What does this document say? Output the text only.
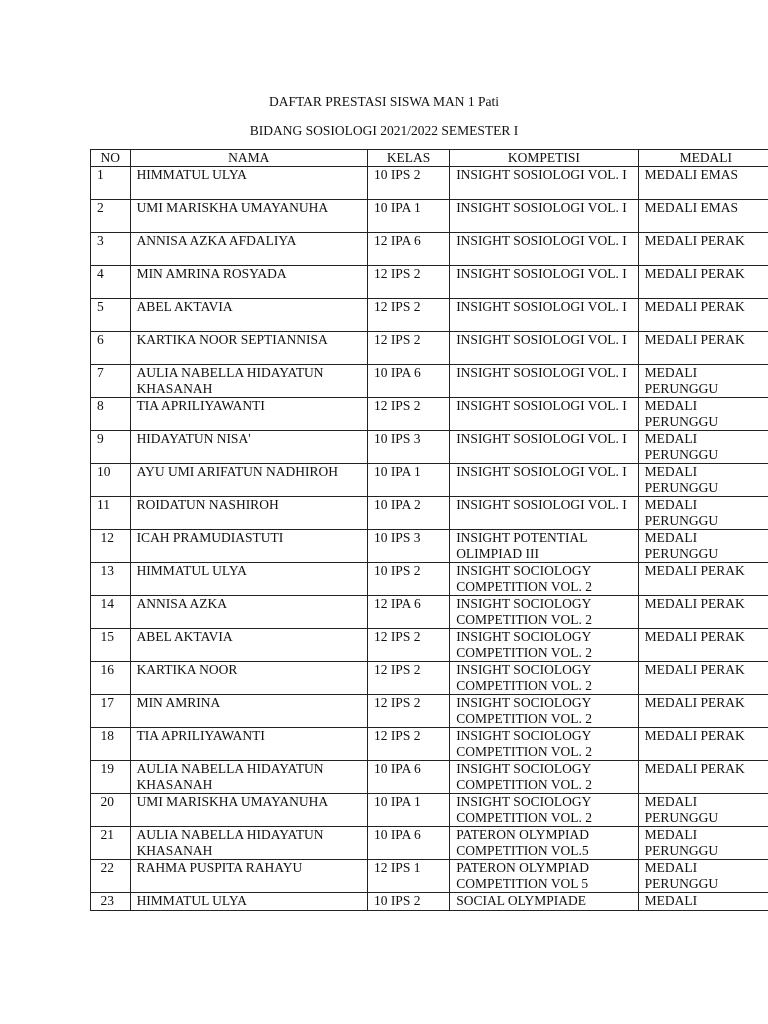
DAFTAR PRESTASI SISWA MAN 1 Pati
BIDANG SOSIOLOGI 2021/2022 SEMESTER I
NO	NAMA	KELAS	KOMPETISI	MEDALI
1	HIMMATUL ULYA	10 IPS 2	INSIGHT SOSIOLOGI VOL. I	MEDALI EMAS
2	UMI MARISKHA UMAYANUHA	10 IPA 1	INSIGHT SOSIOLOGI VOL. I	MEDALI EMAS
3	ANNISA AZKA AFDALIYA	12 IPA 6	INSIGHT SOSIOLOGI VOL. I	MEDALI PERAK
4	MIN AMRINA ROSYADA	12 IPS 2	INSIGHT SOSIOLOGI VOL. I	MEDALI PERAK
5	ABEL AKTAVIA	12 IPS 2	INSIGHT SOSIOLOGI VOL. I	MEDALI PERAK
6	KARTIKA NOOR SEPTIANNISA	12 IPS 2	INSIGHT SOSIOLOGI VOL. I	MEDALI PERAK
7	AULIA NABELLA HIDAYATUN KHASANAH	10 IPA 6	INSIGHT SOSIOLOGI VOL. I	MEDALI PERUNGGU
8	TIA APRILIYAWANTI	12 IPS 2	INSIGHT SOSIOLOGI VOL. I	MEDALI PERUNGGU
9	HIDAYATUN NISA'	10 IPS 3	INSIGHT SOSIOLOGI VOL. I	MEDALI PERUNGGU
10	AYU UMI ARIFATUN NADHIROH	10 IPA 1	INSIGHT SOSIOLOGI VOL. I	MEDALI PERUNGGU
11	ROIDATUN NASHIROH	10 IPA 2	INSIGHT SOSIOLOGI VOL. I	MEDALI PERUNGGU
12	ICAH PRAMUDIASTUTI	10 IPS 3	INSIGHT POTENTIAL OLIMPIAD III	MEDALI PERUNGGU
13	HIMMATUL ULYA	10 IPS 2	INSIGHT SOCIOLOGY COMPETITION VOL. 2	MEDALI PERAK
14	ANNISA AZKA	12 IPA 6	INSIGHT SOCIOLOGY COMPETITION VOL. 2	MEDALI PERAK
15	ABEL AKTAVIA	12 IPS 2	INSIGHT SOCIOLOGY COMPETITION VOL. 2	MEDALI PERAK
16	KARTIKA NOOR	12 IPS 2	INSIGHT SOCIOLOGY COMPETITION VOL. 2	MEDALI PERAK
17	MIN AMRINA	12 IPS 2	INSIGHT SOCIOLOGY COMPETITION VOL. 2	MEDALI PERAK
18	TIA APRILIYAWANTI	12 IPS 2	INSIGHT SOCIOLOGY COMPETITION VOL. 2	MEDALI PERAK
19	AULIA NABELLA HIDAYATUN KHASANAH	10 IPA 6	INSIGHT SOCIOLOGY COMPETITION VOL. 2	MEDALI PERAK
20	UMI MARISKHA UMAYANUHA	10 IPA 1	INSIGHT SOCIOLOGY COMPETITION VOL. 2	MEDALI PERUNGGU
21	AULIA NABELLA HIDAYATUN KHASANAH	10 IPA 6	PATERON OLYMPIAD COMPETITION VOL.5	MEDALI PERUNGGU
22	RAHMA PUSPITA RAHAYU	12 IPS 1	PATERON OLYMPIAD COMPETITION VOL 5	MEDALI PERUNGGU
23	HIMMATUL ULYA	10 IPS 2	SOCIAL OLYMPIADE	MEDALI
